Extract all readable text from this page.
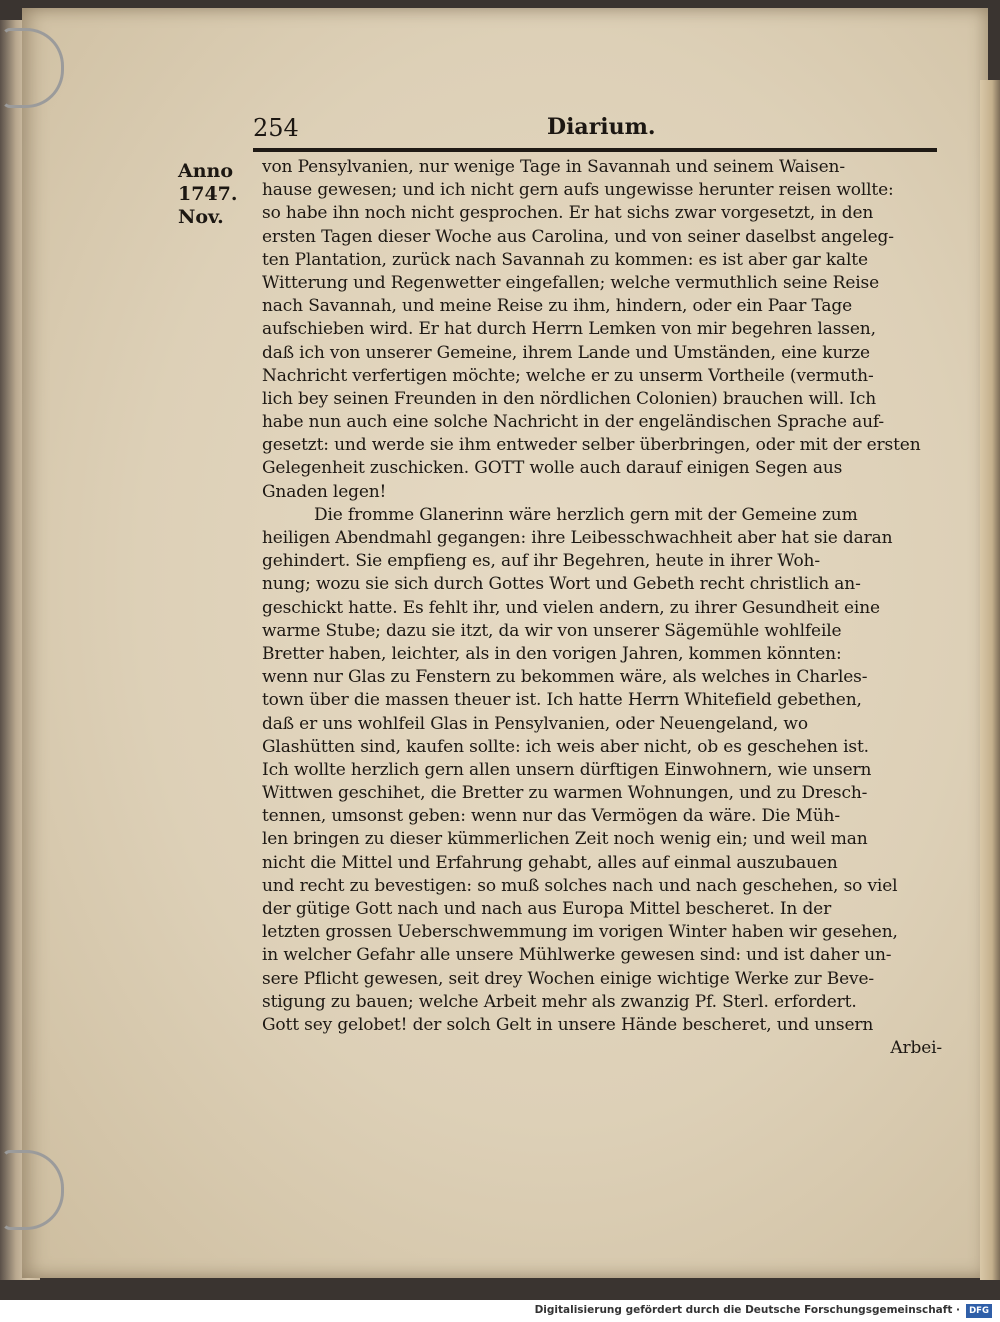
254	Diarium.
Anno
1747.
Nov.
von Pensylvanien, nur wenige Tage in Savannah und seinem Waisen-
hause gewesen; und ich nicht gern aufs ungewisse herunter reisen wollte:
so habe ihn noch nicht gesprochen. Er hat sichs zwar vorgesetzt, in den
ersten Tagen dieser Woche aus Carolina, und von seiner daselbst angeleg-
ten Plantation, zurück nach Savannah zu kommen: es ist aber gar kalte
Witterung und Regenwetter eingefallen; welche vermuthlich seine Reise
nach Savannah, und meine Reise zu ihm, hindern, oder ein Paar Tage
aufschieben wird. Er hat durch Herrn Lemken von mir begehren lassen,
daß ich von unserer Gemeine, ihrem Lande und Umständen, eine kurze
Nachricht verfertigen möchte; welche er zu unserm Vortheile (vermuth-
lich bey seinen Freunden in den nördlichen Colonien) brauchen will. Ich
habe nun auch eine solche Nachricht in der engeländischen Sprache auf-
gesetzt: und werde sie ihm entweder selber überbringen, oder mit der ersten
Gelegenheit zuschicken. GOTT wolle auch darauf einigen Segen aus
Gnaden legen!
Die fromme Glanerinn wäre herzlich gern mit der Gemeine zum
heiligen Abendmahl gegangen: ihre Leibesschwachheit aber hat sie daran
gehindert. Sie empfieng es, auf ihr Begehren, heute in ihrer Woh-
nung; wozu sie sich durch Gottes Wort und Gebeth recht christlich an-
geschickt hatte. Es fehlt ihr, und vielen andern, zu ihrer Gesundheit eine
warme Stube; dazu sie itzt, da wir von unserer Sägemühle wohlfeile
Bretter haben, leichter, als in den vorigen Jahren, kommen könnten:
wenn nur Glas zu Fenstern zu bekommen wäre, als welches in Charles-
town über die massen theuer ist. Ich hatte Herrn Whitefield gebethen,
daß er uns wohlfeil Glas in Pensylvanien, oder Neuengeland, wo
Glashütten sind, kaufen sollte: ich weis aber nicht, ob es geschehen ist.
Ich wollte herzlich gern allen unsern dürftigen Einwohnern, wie unsern
Wittwen geschihet, die Bretter zu warmen Wohnungen, und zu Dresch-
tennen, umsonst geben: wenn nur das Vermögen da wäre. Die Müh-
len bringen zu dieser kümmerlichen Zeit noch wenig ein; und weil man
nicht die Mittel und Erfahrung gehabt, alles auf einmal auszubauen
und recht zu bevestigen: so muß solches nach und nach geschehen, so viel
der gütige Gott nach und nach aus Europa Mittel bescheret. In der
letzten grossen Ueberschwemmung im vorigen Winter haben wir gesehen,
in welcher Gefahr alle unsere Mühlwerke gewesen sind: und ist daher un-
sere Pflicht gewesen, seit drey Wochen einige wichtige Werke zur Beve-
stigung zu bauen; welche Arbeit mehr als zwanzig Pf. Sterl. erfordert.
Gott sey gelobet! der solch Gelt in unsere Hände bescheret, und unsern
Arbei-
Digitalisierung gefördert durch die Deutsche Forschungsgemeinschaft ·	DFG
